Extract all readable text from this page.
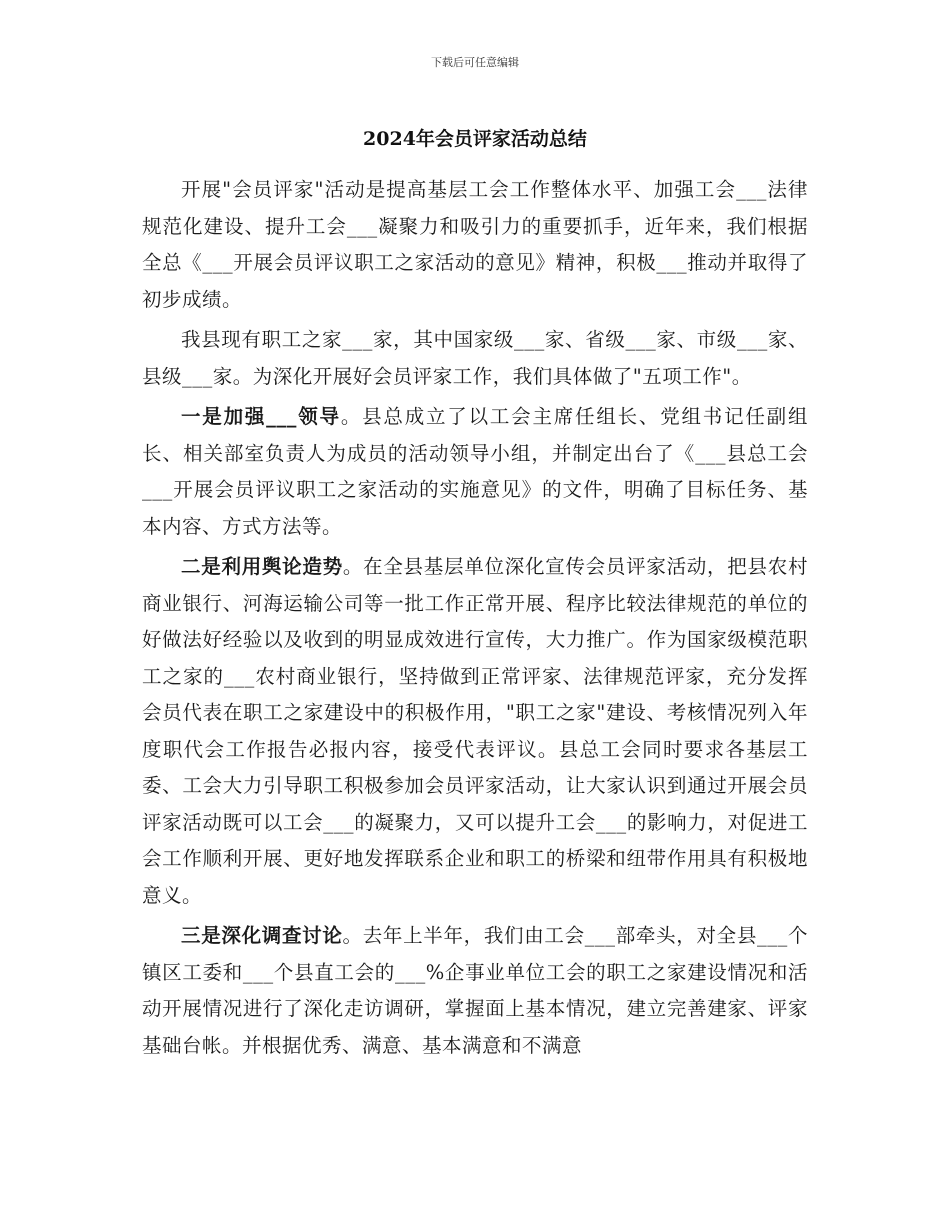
下载后可任意编辑
2024年会员评家活动总结

开展"会员评家"活动是提高基层工会工作整体水平、加强工会___法律规范化建设、提升工会___凝聚力和吸引力的重要抓手，近年来，我们根据全总《___开展会员评议职工之家活动的意见》精神，积极___推动并取得了初步成绩。

我县现有职工之家___家，其中国家级___家、省级___家、市级___家、县级___家。为深化开展好会员评家工作，我们具体做了"五项工作"。

一是加强___领导。县总成立了以工会主席任组长、党组书记任副组长、相关部室负责人为成员的活动领导小组，并制定出台了《___县总工会___开展会员评议职工之家活动的实施意见》的文件，明确了目标任务、基本内容、方式方法等。

二是利用舆论造势。在全县基层单位深化宣传会员评家活动，把县农村商业银行、河海运输公司等一批工作正常开展、程序比较法律规范的单位的好做法好经验以及收到的明显成效进行宣传，大力推广。作为国家级模范职工之家的___农村商业银行，坚持做到正常评家、法律规范评家，充分发挥会员代表在职工之家建设中的积极作用，"职工之家"建设、考核情况列入年度职代会工作报告必报内容，接受代表评议。县总工会同时要求各基层工委、工会大力引导职工积极参加会员评家活动，让大家认识到通过开展会员评家活动既可以工会___的凝聚力，又可以提升工会___的影响力，对促进工会工作顺利开展、更好地发挥联系企业和职工的桥梁和纽带作用具有积极地意义。

三是深化调查讨论。去年上半年，我们由工会___部牵头，对全县___个镇区工委和___个县直工会的___%企事业单位工会的职工之家建设情况和活动开展情况进行了深化走访调研，掌握面上基本情况，建立完善建家、评家基础台帐。并根据优秀、满意、基本满意和不满意
